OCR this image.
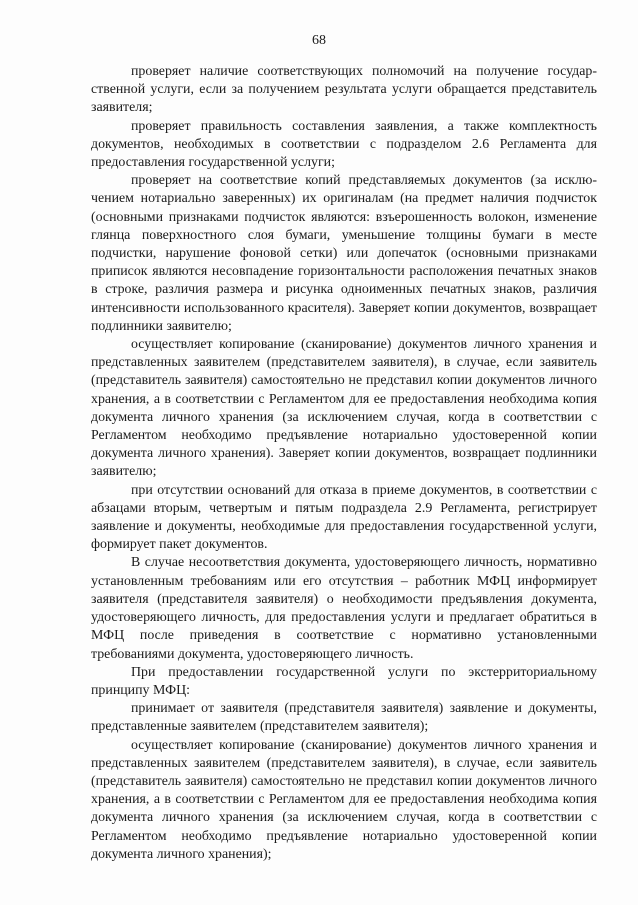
68

проверяет наличие соответствующих полномочий на получение государственной услуги, если за получением результата услуги обращается представитель заявителя;

проверяет правильность составления заявления, а также комплектность документов, необходимых в соответствии с подразделом 2.6 Регламента для предоставления государственной услуги;

проверяет на соответствие копий представляемых документов (за исключением нотариально заверенных) их оригиналам (на предмет наличия подчисток (основными признаками подчисток являются: взъерошенность волокон, изменение глянца поверхностного слоя бумаги, уменьшение толщины бумаги в месте подчистки, нарушение фоновой сетки) или допечаток (основными признаками приписок являются несовпадение горизонтальности расположения печатных знаков в строке, различия размера и рисунка одноименных печатных знаков, различия интенсивности использованного красителя). Заверяет копии документов, возвращает подлинники заявителю;

осуществляет копирование (сканирование) документов личного хранения и представленных заявителем (представителем заявителя), в случае, если заявитель (представитель заявителя) самостоятельно не представил копии документов личного хранения, а в соответствии с Регламентом для ее предоставления необходима копия документа личного хранения (за исключением случая, когда в соответствии с Регламентом необходимо предъявление нотариально удостоверенной копии документа личного хранения). Заверяет копии документов, возвращает подлинники заявителю;

при отсутствии оснований для отказа в приеме документов, в соответствии с абзацами вторым, четвертым и пятым подраздела 2.9 Регламента, регистрирует заявление и документы, необходимые для предоставления государственной услуги, формирует пакет документов.

В случае несоответствия документа, удостоверяющего личность, нормативно установленным требованиям или его отсутствия – работник МФЦ информирует заявителя (представителя заявителя) о необходимости предъявления документа, удостоверяющего личность, для предоставления услуги и предлагает обратиться в МФЦ после приведения в соответствие с нормативно установленными требованиями документа, удостоверяющего личность.

При предоставлении государственной услуги по экстерриториальному принципу МФЦ:

принимает от заявителя (представителя заявителя) заявление и документы, представленные заявителем (представителем заявителя);

осуществляет копирование (сканирование) документов личного хранения и представленных заявителем (представителем заявителя), в случае, если заявитель (представитель заявителя) самостоятельно не представил копии документов личного хранения, а в соответствии с Регламентом для ее предоставления необходима копия документа личного хранения (за исключением случая, когда в соответствии с Регламентом необходимо предъявление нотариально удостоверенной копии документа личного хранения);
